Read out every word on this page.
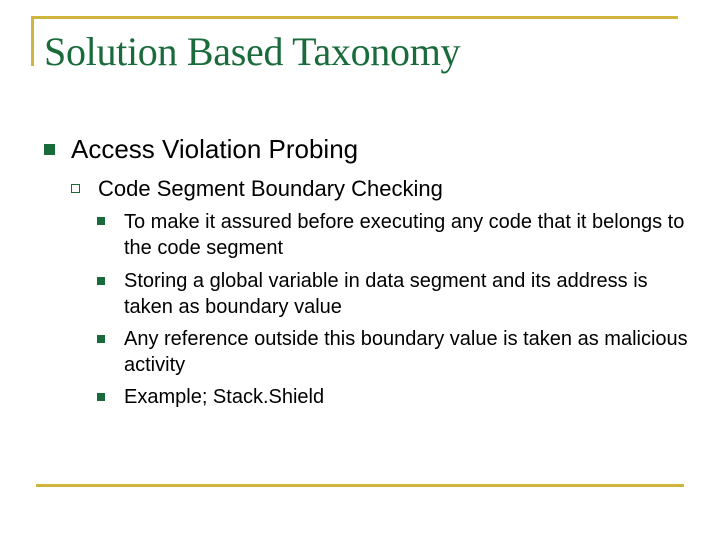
Solution Based Taxonomy
Access Violation Probing
Code Segment Boundary Checking
To make it assured before executing any code that it belongs to the code segment
Storing a global variable in data segment and its address is taken as boundary value
Any reference outside this boundary value is taken as malicious activity
Example; Stack.Shield
